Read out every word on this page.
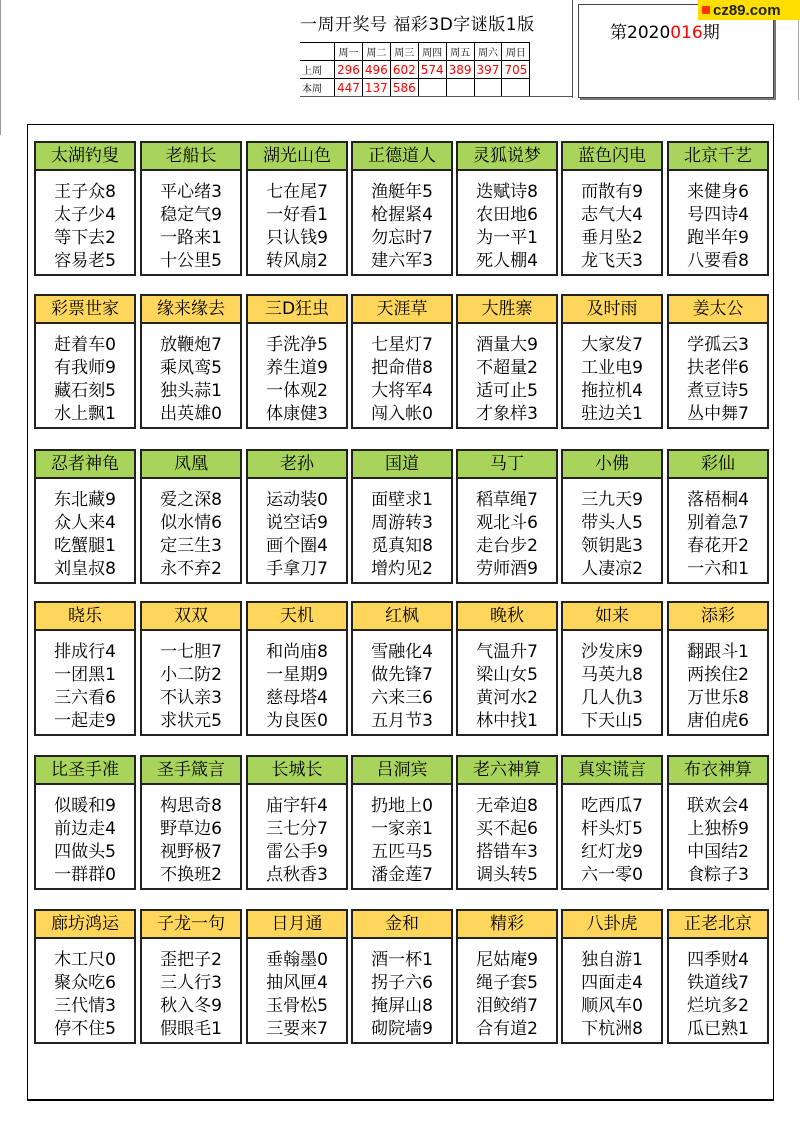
一周开奖号 福彩3D字谜版1版
	周一	周二	周三	周四	周五	周六	周日
上周	296	496	602	574	389	397	705
本周	447	137	586				
第2020016期
cz89.com
太湖钓叟
王子众8
太子少4
等下去2
容易老5
老船长
平心绪3
稳定气9
一路来1
十公里5
湖光山色
七在尾7
一好看1
只认钱9
转风扇2
正德道人
渔艇年5
枪握紧4
勿忘时7
建六军3
灵狐说梦
迭赋诗8
农田地6
为一平1
死人棚4
蓝色闪电
而散有9
志气大4
垂月坠2
龙飞天3
北京千艺
来健身6
号四诗4
跑半年9
八要看8
彩票世家
赶着车0
有我师9
藏石刻5
水上飘1
缘来缘去
放鞭炮7
乘凤鸾5
独头蒜1
出英雄0
三D狂虫
手洗净5
养生道9
一体观2
体康健3
天涯草
七星灯7
把命借8
大将军4
闯入帐0
大胜寨
酒量大9
不超量2
适可止5
才象样3
及时雨
大家发7
工业电9
拖拉机4
驻边关1
姜太公
学孤云3
扶老伴6
煮豆诗5
丛中舞7
忍者神龟
东北藏9
众人来4
吃蟹腿1
刘皇叔8
凤凰
爱之深8
似水情6
定三生3
永不弃2
老孙
运动装0
说空话9
画个圈4
手拿刀7
国道
面壁求1
周游转3
觅真知8
增灼见2
马丁
稻草绳7
观北斗6
走台步2
劳师酒9
小佛
三九天9
带头人5
领钥匙3
人凄凉2
彩仙
落梧桐4
别着急7
春花开2
一六和1
晓乐
排成行4
一团黑1
三六看6
一起走9
双双
一七胆7
小二防2
不认亲3
求状元5
天机
和尚庙8
一星期9
慈母塔4
为良医0
红枫
雪融化4
做先锋7
六来三6
五月节3
晚秋
气温升7
梁山女5
黄河水2
林中找1
如来
沙发床9
马英九8
几人仇3
下天山5
添彩
翻跟斗1
两挨住2
万世乐8
唐伯虎6
比圣手准
似暖和9
前边走4
四做头5
一群群0
圣手箴言
构思奇8
野草边6
视野极7
不换班2
长城长
庙宇轩4
三七分7
雷公手9
点秋香3
吕洞宾
扔地上0
一家亲1
五匹马5
潘金莲7
老六神算
无牵迫8
买不起6
搭错车3
调头转5
真实谎言
吃西瓜7
杆头灯5
红灯龙9
六一零0
布衣神算
联欢会4
上独桥9
中国结2
食粽子3
廊坊鸿运
木工尺0
聚众吃6
三代情3
停不住5
子龙一句
歪把子2
三人行3
秋入冬9
假眼毛1
日月通
垂翰墨0
抽风匣4
玉骨松5
三要来7
金和
酒一杯1
拐子六6
掩屏山8
砌院墙9
精彩
尼姑庵9
绳子套5
泪鲛绡7
合有道2
八卦虎
独自游1
四面走4
顺风车0
下杭洲8
正老北京
四季财4
铁道线7
烂坑多2
瓜已熟1
